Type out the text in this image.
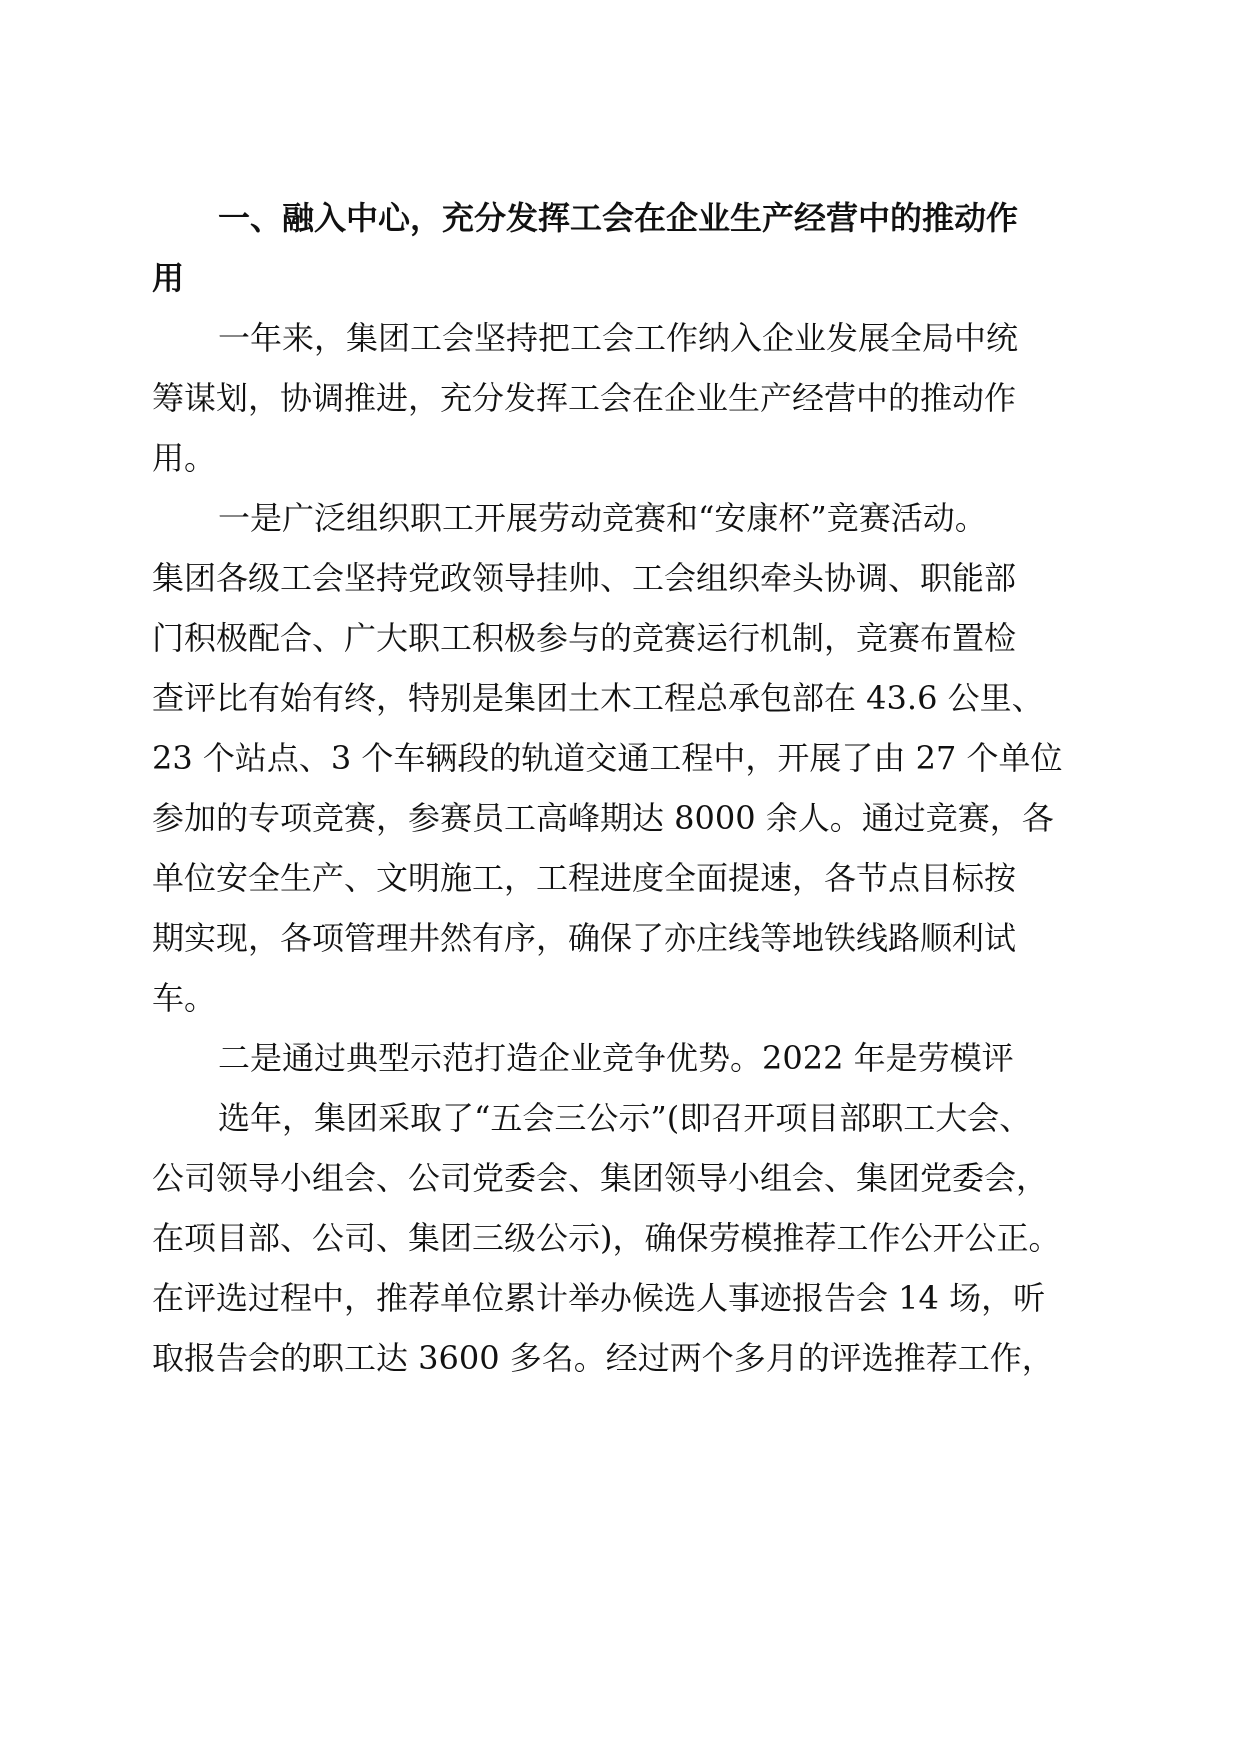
一、融入中心，充分发挥工会在企业生产经营中的推动作
用
一年来，集团工会坚持把工会工作纳入企业发展全局中统
筹谋划，协调推进，充分发挥工会在企业生产经营中的推动作
用。
一是广泛组织职工开展劳动竞赛和“安康杯”竞赛活动。
集团各级工会坚持党政领导挂帅、工会组织牵头协调、职能部
门积极配合、广大职工积极参与的竞赛运行机制，竞赛布置检
查评比有始有终，特别是集团土木工程总承包部在 43.6 公里、
23 个站点、3 个车辆段的轨道交通工程中，开展了由 27 个单位
参加的专项竞赛，参赛员工高峰期达 8000 余人。通过竞赛，各
单位安全生产、文明施工，工程进度全面提速，各节点目标按
期实现，各项管理井然有序，确保了亦庄线等地铁线路顺利试
车。
二是通过典型示范打造企业竞争优势。2022 年是劳模评
选年，集团采取了“五会三公示”(即召开项目部职工大会、
公司领导小组会、公司党委会、集团领导小组会、集团党委会，
在项目部、公司、集团三级公示)，确保劳模推荐工作公开公正。
在评选过程中，推荐单位累计举办候选人事迹报告会 14 场，听
取报告会的职工达 3600 多名。经过两个多月的评选推荐工作，
